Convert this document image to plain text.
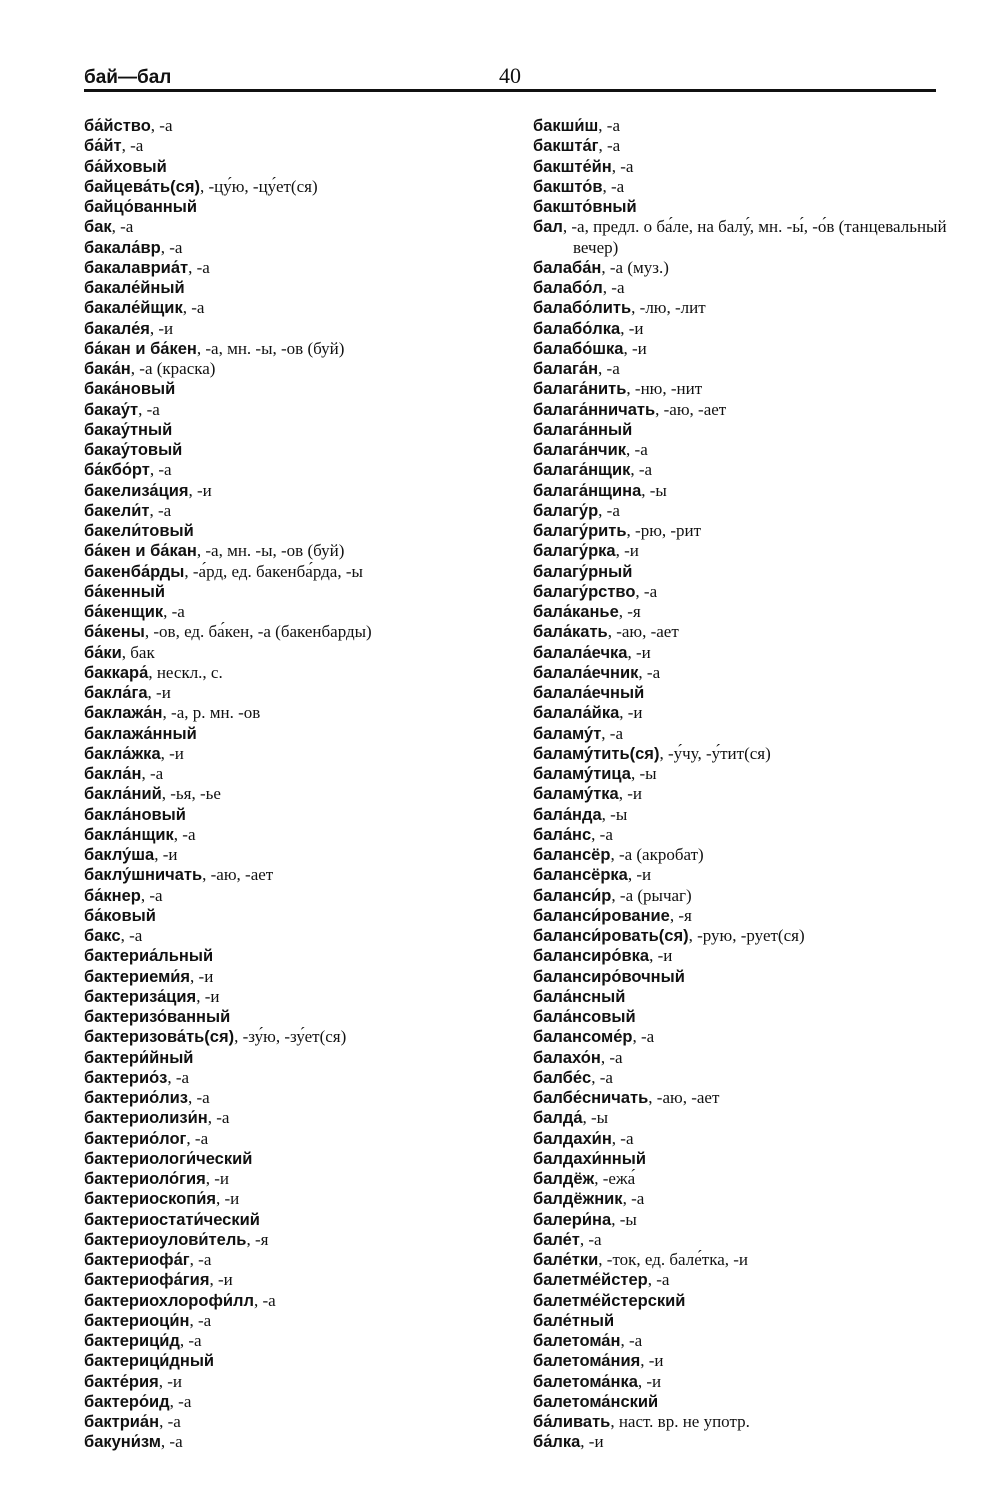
бай—бал	40
ба́йство, -а
ба́йт, -а
ба́йховый
байцева́ть(ся), -цу́ю, -цу́ет(ся)
байцо́ванный
бак, -а
бакала́вр, -а
бакалавриа́т, -а
бакале́йный
бакале́йщик, -а
бакале́я, -и
ба́кан и ба́кен, -а, мн. -ы, -ов (буй)
бака́н, -а (краска)
бака́новый
бакау́т, -а
бакау́тный
бакау́товый
ба́кбо́рт, -а
бакелиза́ция, -и
бакели́т, -а
бакели́товый
ба́кен и ба́кан, -а, мн. -ы, -ов (буй)
бакенба́рды, -а́рд, ед. бакенба́рда, -ы
ба́кенный
ба́кенщик, -а
ба́кены, -ов, ед. ба́кен, -а (бакенбарды)
ба́ки, бак
баккара́, нескл., с.
бакла́га, -и
баклажа́н, -а, р. мн. -ов
баклажа́нный
бакла́жка, -и
бакла́н, -а
бакла́ний, -ья, -ье
бакла́новый
бакла́нщик, -а
баклу́ша, -и
баклу́шничать, -аю, -ает
ба́кнер, -а
ба́ковый
бакс, -а
бактериа́льный
бактериеми́я, -и
бактериза́ция, -и
бактеризо́ванный
бактеризова́ть(ся), -зу́ю, -зу́ет(ся)
бактери́йный
бактерио́з, -а
бактерио́лиз, -а
бактериолизи́н, -а
бактерио́лог, -а
бактериологи́ческий
бактериоло́гия, -и
бактериоскопи́я, -и
бактериостати́ческий
бактериоулови́тель, -я
бактериофа́г, -а
бактериофа́гия, -и
бактериохлорофи́лл, -а
бактериоци́н, -а
бактерици́д, -а
бактерици́дный
бакте́рия, -и
бактеро́ид, -а
бактриа́н, -а
бакуни́зм, -а
бакши́ш, -а
бакшта́г, -а
бакште́йн, -а
бакшто́в, -а
бакшто́вный
бал, -а, предл. о ба́ле, на балу́, мн. -ы́, -о́в (танцевальный вечер)
балаба́н, -а (муз.)
балабо́л, -а
балабо́лить, -лю, -лит
балабо́лка, -и
балабо́шка, -и
балага́н, -а
балага́нить, -ню, -нит
балага́нничать, -аю, -ает
балага́нный
балага́нчик, -а
балага́нщик, -а
балага́нщина, -ы
балагу́р, -а
балагу́рить, -рю, -рит
балагу́рка, -и
балагу́рный
балагу́рство, -а
бала́канье, -я
бала́кать, -аю, -ает
балала́ечка, -и
балала́ечник, -а
балала́ечный
балала́йка, -и
баламу́т, -а
баламу́тить(ся), -у́чу, -у́тит(ся)
баламу́тица, -ы
баламу́тка, -и
бала́нда, -ы
бала́нс, -а
балансёр, -а (акробат)
балансёрка, -и
баланси́р, -а (рычаг)
баланси́рование, -я
баланси́ровать(ся), -рую, -рует(ся)
балансиро́вка, -и
балансиро́вочный
бала́нсный
бала́нсовый
балансоме́р, -а
балахо́н, -а
балбе́с, -а
балбе́сничать, -аю, -ает
балда́, -ы
балдахи́н, -а
балдахи́нный
балдёж, -ежа́
балдёжник, -а
балери́на, -ы
бале́т, -а
бале́тки, -ток, ед. бале́тка, -и
балетме́йстер, -а
балетме́йстерский
бале́тный
балетома́н, -а
балетома́ния, -и
балетома́нка, -и
балетома́нский
ба́ливать, наст. вр. не употр.
ба́лка, -и
